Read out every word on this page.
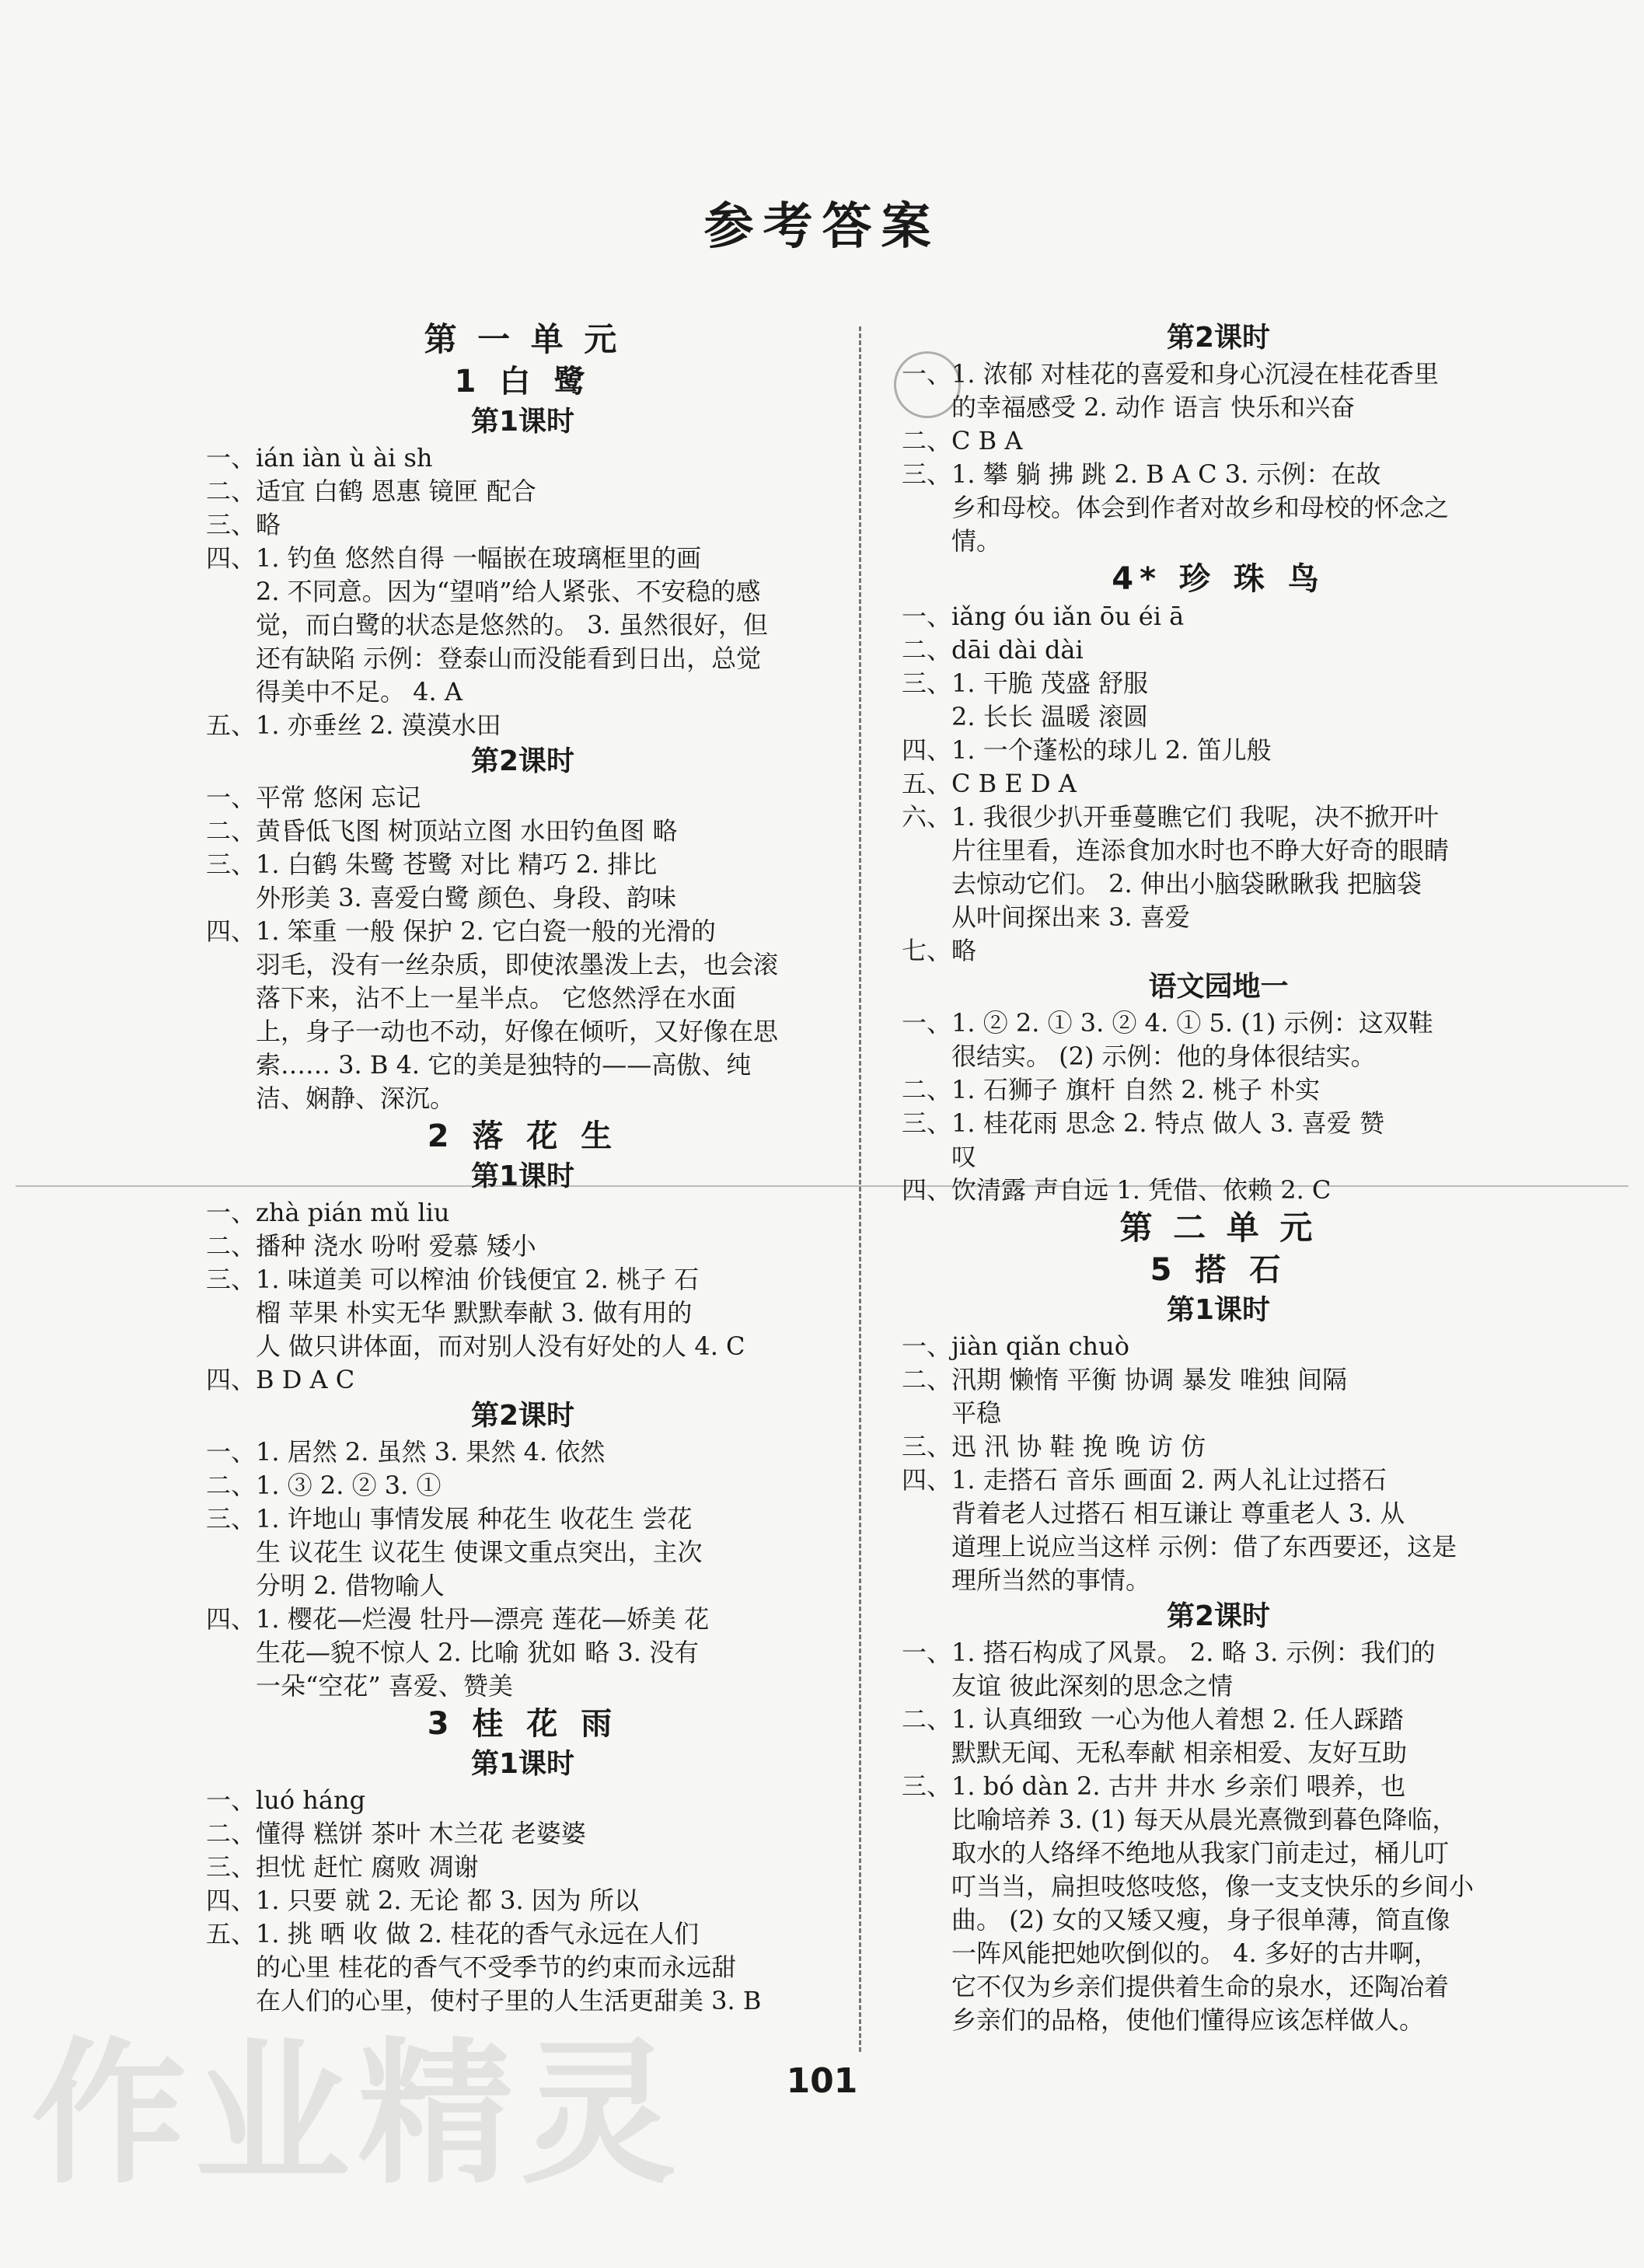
参考答案
第 一 单 元
1 白 鹭
第1课时
一、ián iàn ù ài sh
二、适宜 白鹤 恩惠 镜匣 配合
三、略
四、1. 钓鱼 悠然自得 一幅嵌在玻璃框里的画
　　2. 不同意。因为“望哨”给人紧张、不安稳的感
　　觉，而白鹭的状态是悠然的。 3. 虽然很好，但
　　还有缺陷 示例：登泰山而没能看到日出，总觉
　　得美中不足。 4. A
五、1. 亦垂丝 2. 漠漠水田
第2课时
一、平常 悠闲 忘记
二、黄昏低飞图 树顶站立图 水田钓鱼图 略
三、1. 白鹤 朱鹭 苍鹭 对比 精巧 2. 排比
　　外形美 3. 喜爱白鹭 颜色、身段、韵味
四、1. 笨重 一般 保护 2. 它白瓷一般的光滑的
　　羽毛，没有一丝杂质，即使浓墨泼上去，也会滚
　　落下来，沾不上一星半点。 它悠然浮在水面
　　上，身子一动也不动，好像在倾听，又好像在思
　　索…… 3. B 4. 它的美是独特的——高傲、纯
　　洁、娴静、深沉。
2 落 花 生
第1课时
一、zhà pián mǔ liu
二、播种 浇水 吩咐 爱慕 矮小
三、1. 味道美 可以榨油 价钱便宜 2. 桃子 石
　　榴 苹果 朴实无华 默默奉献 3. 做有用的
　　人 做只讲体面，而对别人没有好处的人 4. C
四、B D A C
第2课时
一、1. 居然 2. 虽然 3. 果然 4. 依然
二、1. ③ 2. ② 3. ①
三、1. 许地山 事情发展 种花生 收花生 尝花
　　生 议花生 议花生 使课文重点突出，主次
　　分明 2. 借物喻人
四、1. 樱花—烂漫 牡丹—漂亮 莲花—娇美 花
　　生花—貌不惊人 2. 比喻 犹如 略 3. 没有
　　一朵“空花” 喜爱、赞美
3 桂 花 雨
第1课时
一、luó háng
二、懂得 糕饼 茶叶 木兰花 老婆婆
三、担忧 赶忙 腐败 凋谢
四、1. 只要 就 2. 无论 都 3. 因为 所以
五、1. 挑 晒 收 做 2. 桂花的香气永远在人们
　　的心里 桂花的香气不受季节的约束而永远甜
　　在人们的心里，使村子里的人生活更甜美 3. B
第2课时
一、1. 浓郁 对桂花的喜爱和身心沉浸在桂花香里
　　的幸福感受 2. 动作 语言 快乐和兴奋
二、C B A
三、1. 攀 躺 拂 跳 2. B A C 3. 示例：在故
　　乡和母校。体会到作者对故乡和母校的怀念之
　　情。
4* 珍 珠 鸟
一、iǎng óu iǎn ōu éi ā
二、dāi dài dài
三、1. 干脆 茂盛 舒服
　　2. 长长 温暖 滚圆
四、1. 一个蓬松的球儿 2. 笛儿般
五、C B E D A
六、1. 我很少扒开垂蔓瞧它们 我呢，决不掀开叶
　　片往里看，连添食加水时也不睁大好奇的眼睛
　　去惊动它们。 2. 伸出小脑袋瞅瞅我 把脑袋
　　从叶间探出来 3. 喜爱
七、略
语文园地一
一、1. ② 2. ① 3. ② 4. ① 5. (1) 示例：这双鞋
　　很结实。 (2) 示例：他的身体很结实。
二、1. 石狮子 旗杆 自然 2. 桃子 朴实
三、1. 桂花雨 思念 2. 特点 做人 3. 喜爱 赞
　　叹
四、饮清露 声自远 1. 凭借、依赖 2. C
第 二 单 元
5 搭 石
第1课时
一、jiàn qiǎn chuò
二、汛期 懒惰 平衡 协调 暴发 唯独 间隔
　　平稳
三、迅 汛 协 鞋 挽 晚 访 仿
四、1. 走搭石 音乐 画面 2. 两人礼让过搭石
　　背着老人过搭石 相互谦让 尊重老人 3. 从
　　道理上说应当这样 示例：借了东西要还，这是
　　理所当然的事情。
第2课时
一、1. 搭石构成了风景。 2. 略 3. 示例：我们的
　　友谊 彼此深刻的思念之情
二、1. 认真细致 一心为他人着想 2. 任人踩踏
　　默默无闻、无私奉献 相亲相爱、友好互助
三、1. bó dàn 2. 古井 井水 乡亲们 喂养，也
　　比喻培养 3. (1) 每天从晨光熹微到暮色降临，
　　取水的人络绎不绝地从我家门前走过，桶儿叮
　　叮当当，扁担吱悠吱悠，像一支支快乐的乡间小
　　曲。 (2) 女的又矮又瘦，身子很单薄，简直像
　　一阵风能把她吹倒似的。 4. 多好的古井啊，
　　它不仅为乡亲们提供着生命的泉水，还陶冶着
　　乡亲们的品格，使他们懂得应该怎样做人。
作业精灵	101
